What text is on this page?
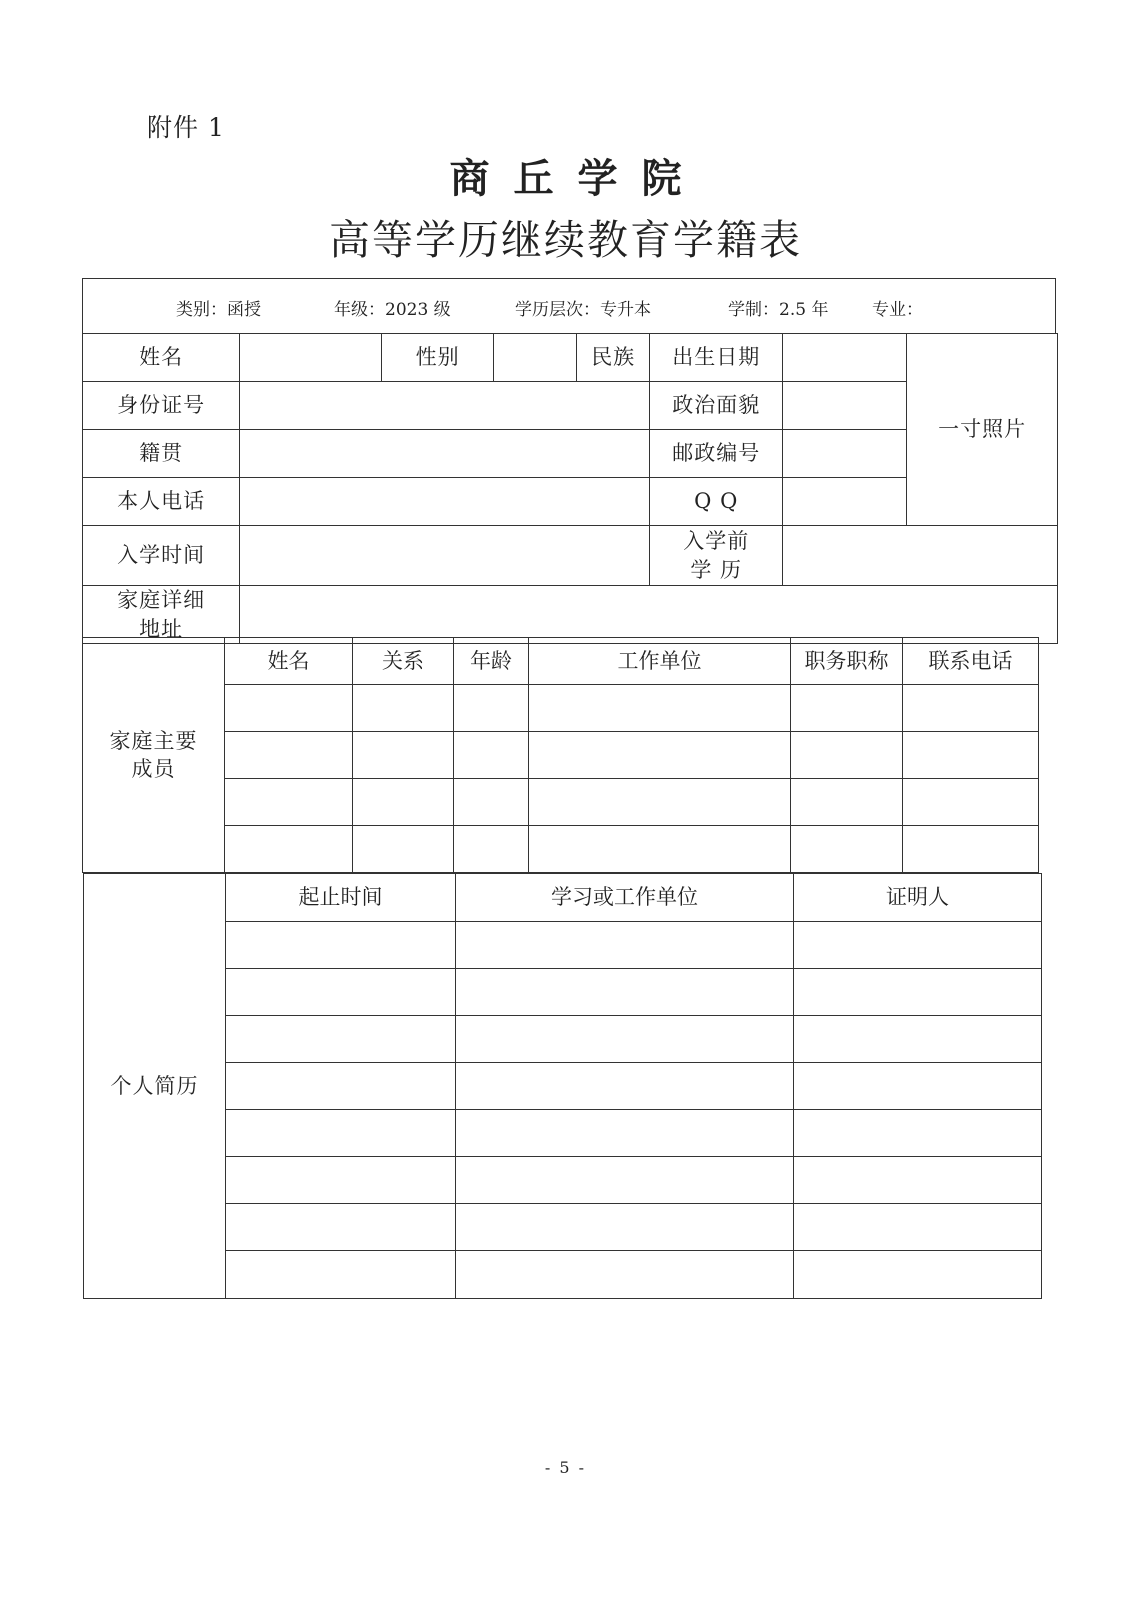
附件 1
商丘学院
高等学历继续教育学籍表
类别：函授	年级：2023 级	学历层次：专升本	学制：2.5 年	专业：
姓名		性别		民族	出生日期		一寸照片
身份证号					政治面貌		
籍贯					邮政编号		
本人电话					Q Q		
入学时间					入学前
学 历		

家庭详细
地址							

家庭主要
成员	姓名	关系	年龄	工作单位	职务职称	联系电话

个人简历	起止时间	学习或工作单位	证明人

- 5 -
